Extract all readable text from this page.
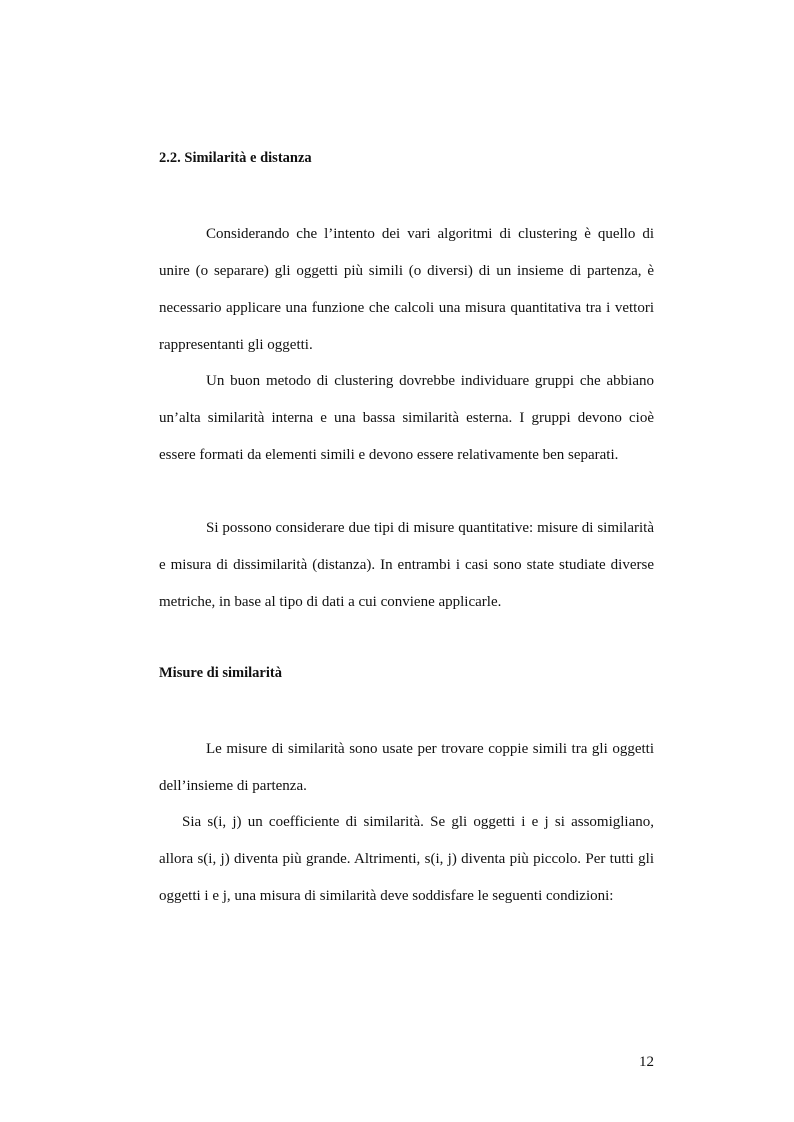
2.2. Similarità e distanza

Considerando che l’intento dei vari algoritmi di clustering è quello di unire (o separare) gli oggetti più simili (o diversi) di un insieme di partenza, è necessario applicare una funzione che calcoli una misura quantitativa tra i vettori rappresentanti gli oggetti.

Un buon metodo di clustering dovrebbe individuare gruppi che abbiano un’alta similarità interna e una bassa similarità esterna. I gruppi devono cioè essere formati da elementi simili e devono essere relativamente ben separati.

Si possono considerare due tipi di misure quantitative: misure di similarità e misura di dissimilarità (distanza). In entrambi i casi sono state studiate diverse metriche, in base al tipo di dati a cui conviene applicarle.

Misure di similarità

Le misure di similarità sono usate per trovare coppie simili tra gli oggetti dell’insieme di partenza.

Sia s(i, j) un coefficiente di similarità. Se gli oggetti i e j si assomigliano, allora s(i, j) diventa più grande. Altrimenti, s(i, j) diventa più piccolo. Per tutti gli oggetti i e j, una misura di similarità deve soddisfare le seguenti condizioni:

12
